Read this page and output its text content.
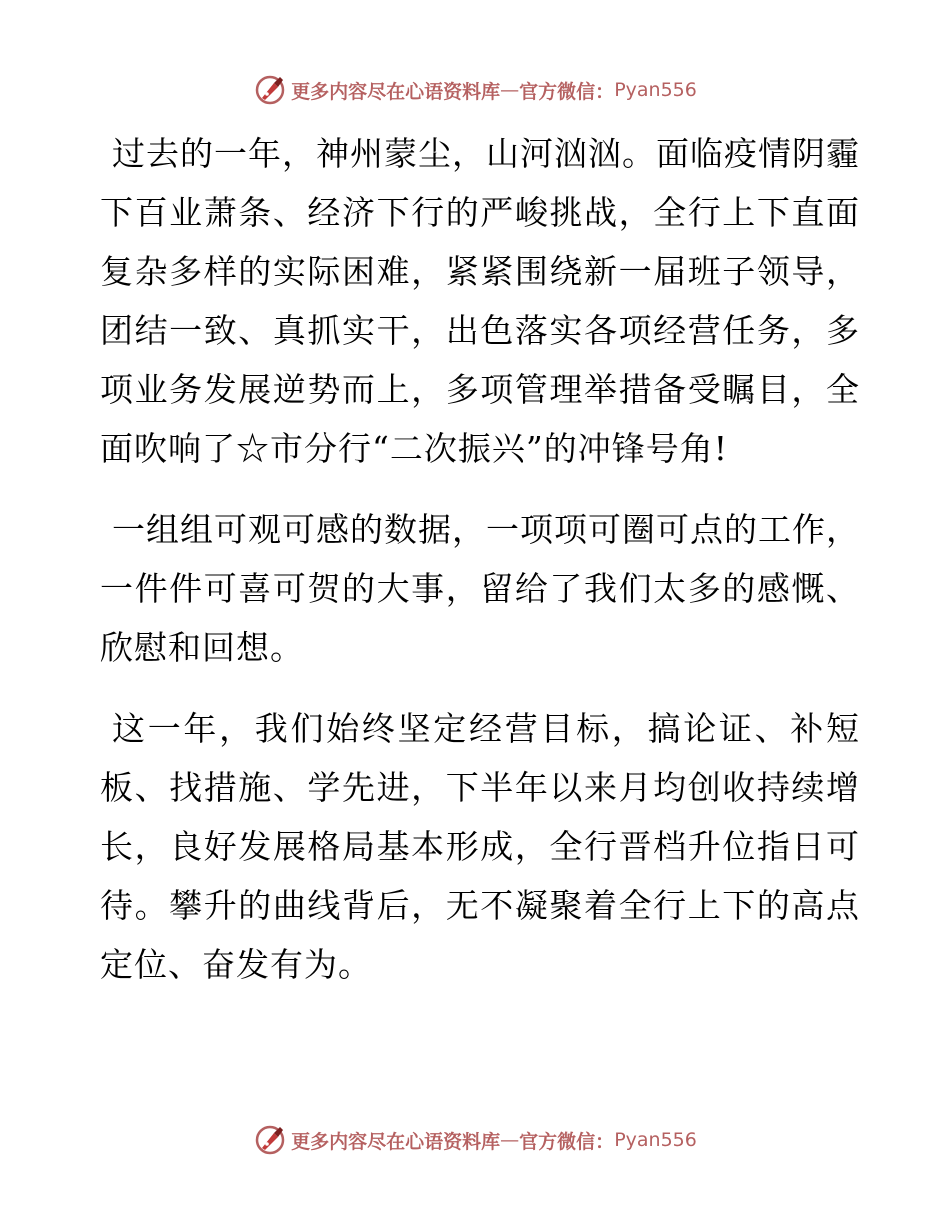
更多内容尽在心语资料库 — 官方微信： Pyan556

过去的一年，神州蒙尘，山河汹汹。面临疫情阴霾下百业萧条、经济下行的严峻挑战，全行上下直面复杂多样的实际困难，紧紧围绕新一届班子领导，团结一致、真抓实干，出色落实各项经营任务，多项业务发展逆势而上，多项管理举措备受瞩目，全面吹响了☆市分行“二次振兴”的冲锋号角!

一组组可观可感的数据，一项项可圈可点的工作，一件件可喜可贺的大事，留给了我们太多的感慨、欣慰和回想。

这一年，我们始终坚定经营目标，搞论证、补短板、找措施、学先进，下半年以来月均创收持续增长，良好发展格局基本形成，全行晋档升位指日可待。攀升的曲线背后，无不凝聚着全行上下的高点定位、奋发有为。

更多内容尽在心语资料库 — 官方微信： Pyan556
